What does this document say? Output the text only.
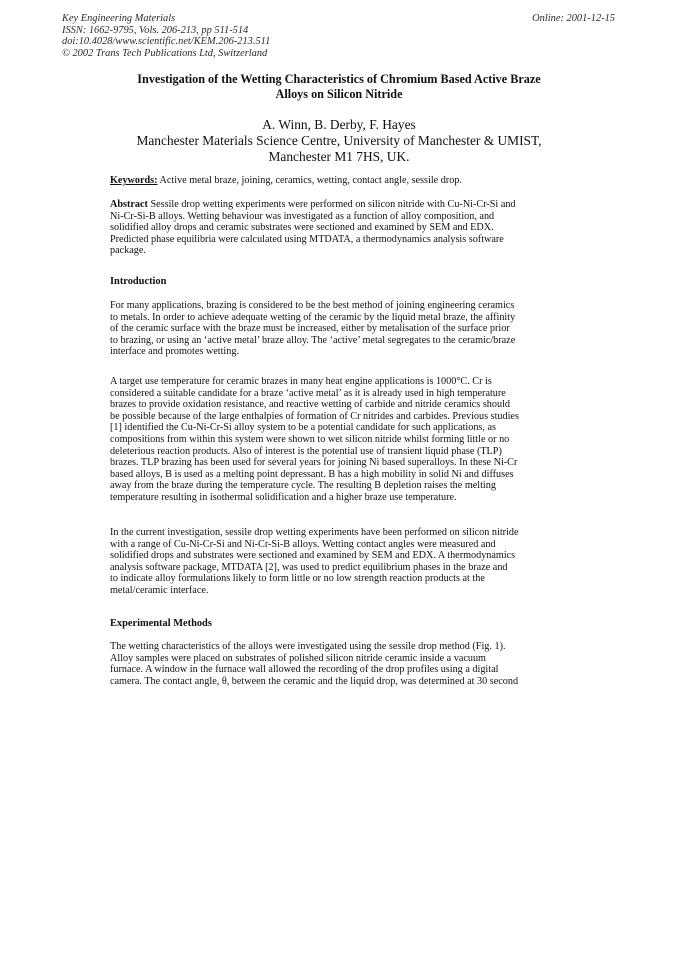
Key Engineering Materials
ISSN: 1662-9795, Vols. 206-213, pp 511-514
doi:10.4028/www.scientific.net/KEM.206-213.511
© 2002 Trans Tech Publications Ltd, Switzerland
Online: 2001-12-15
Investigation of the Wetting Characteristics of Chromium Based Active Braze
Alloys on Silicon Nitride
A. Winn, B. Derby, F. Hayes
Manchester Materials Science Centre, University of Manchester & UMIST,
Manchester M1 7HS, UK.
Keywords: Active metal braze, joining, ceramics, wetting, contact angle, sessile drop.
Abstract Sessile drop wetting experiments were performed on silicon nitride with Cu-Ni-Cr-Si and
Ni-Cr-Si-B alloys. Wetting behaviour was investigated as a function of alloy composition, and
solidified alloy drops and ceramic substrates were sectioned and examined by SEM and EDX.
Predicted phase equilibria were calculated using MTDATA, a thermodynamics analysis software
package.
Introduction
For many applications, brazing is considered to be the best method of joining engineering ceramics
to metals. In order to achieve adequate wetting of the ceramic by the liquid metal braze, the affinity
of the ceramic surface with the braze must be increased, either by metalisation of the surface prior
to brazing, or using an ‘active metal’ braze alloy. The ‘active’ metal segregates to the ceramic/braze
interface and promotes wetting.
A target use temperature for ceramic brazes in many heat engine applications is 1000°C. Cr is
considered a suitable candidate for a braze ‘active metal’ as it is already used in high temperature
brazes to provide oxidation resistance, and reactive wetting of carbide and nitride ceramics should
be possible because of the large enthalpies of formation of Cr nitrides and carbides. Previous studies
[1] identified the Cu-Ni-Cr-Si alloy system to be a potential candidate for such applications, as
compositions from within this system were shown to wet silicon nitride whilst forming little or no
deleterious reaction products. Also of interest is the potential use of transient liquid phase (TLP)
brazes. TLP brazing has been used for several years for joining Ni based superalloys. In these Ni-Cr
based alloys, B is used as a melting point depressant. B has a high mobility in solid Ni and diffuses
away from the braze during the temperature cycle. The resulting B depletion raises the melting
temperature resulting in isothermal solidification and a higher braze use temperature.
In the current investigation, sessile drop wetting experiments have been performed on silicon nitride
with a range of Cu-Ni-Cr-Si and Ni-Cr-Si-B alloys. Wetting contact angles were measured and
solidified drops and substrates were sectioned and examined by SEM and EDX. A thermodynamics
analysis software package, MTDATA [2], was used to predict equilibrium phases in the braze and
to indicate alloy formulations likely to form little or no low strength reaction products at the
metal/ceramic interface.
Experimental Methods
The wetting characteristics of the alloys were investigated using the sessile drop method (Fig. 1).
Alloy samples were placed on substrates of polished silicon nitride ceramic inside a vacuum
furnace. A window in the furnace wall allowed the recording of the drop profiles using a digital
camera. The contact angle, θ, between the ceramic and the liquid drop, was determined at 30 second
